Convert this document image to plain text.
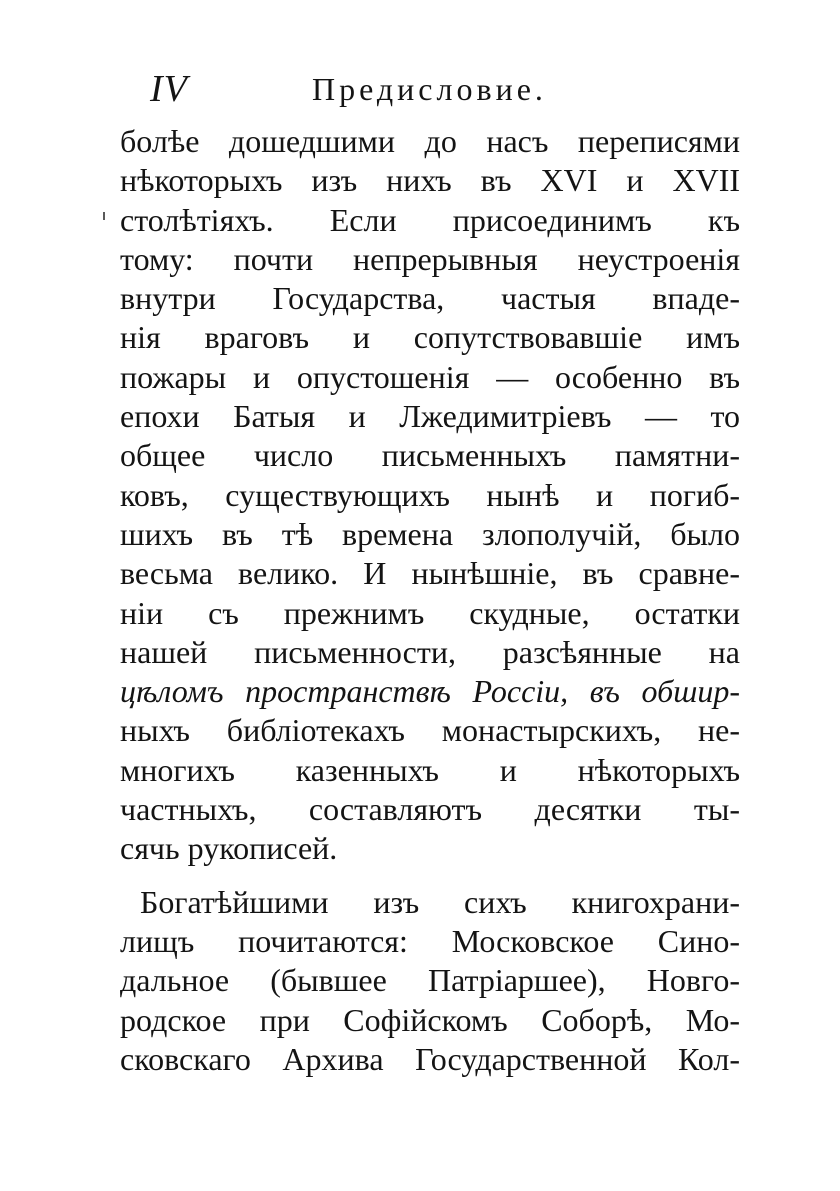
IV	Предисловие.
болѣе дошедшими до насъ переписями
нѣкоторыхъ изъ нихъ въ XVI и XVII
столѣтіяхъ. Если присоединимъ къ
тому: почти непрерывныя неустроенія
внутри Государства, частыя впаде-
нія враговъ и сопутствовавшіе имъ
пожары и опустошенія — особенно въ
епохи Батыя и Лжедимитріевъ — то
общее число письменныхъ памятни-
ковъ, существующихъ нынѣ и погиб-
шихъ въ тѣ времена злополучій, было
весьма велико. И нынѣшніе, въ сравне-
ніи съ прежнимъ скудные, остатки
нашей письменности, разсѣянные на
цѣломъ пространствѣ Россіи, въ обшир-
ныхъ библіотекахъ монастырскихъ, не-
многихъ казенныхъ и нѣкоторыхъ
частныхъ, составляютъ десятки ты-
сячь рукописей.
Богатѣйшими изъ сихъ книгохрани-
лищъ почитаются: Московское Сино-
дальное (бывшее Патріаршее), Новго-
родское при Софійскомъ Соборѣ, Мо-
сковскаго Архива Государственной Кол-
